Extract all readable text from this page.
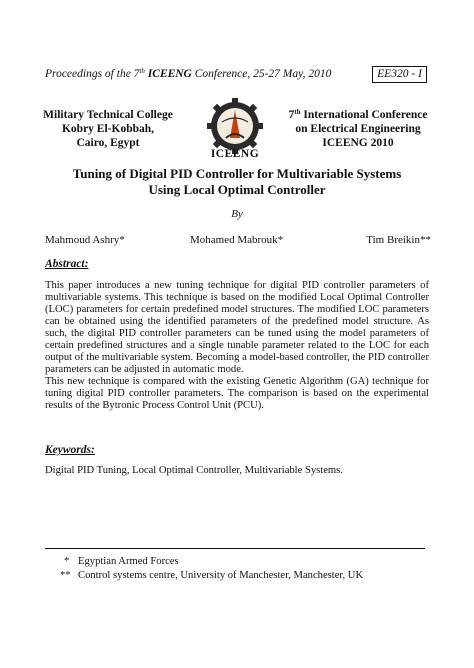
Proceedings of the 7th ICEENG Conference, 25-27 May, 2010	EE320 - I
Military Technical College
Kobry El-Kobbah,
Cairo, Egypt
ICEENG
7th International Conference
on Electrical Engineering
ICEENG 2010
Tuning of Digital PID Controller for Multivariable Systems
Using Local Optimal Controller
By
Mahmoud Ashry*	Mohamed Mabrouk*	Tim Breikin**
Abstract:

This paper introduces a new tuning technique for digital PID controller parameters of multivariable systems. This technique is based on the modified Local Optimal Controller (LOC) parameters for certain predefined model structures. The modified LOC parameters can be obtained using the identified parameters of the predefined model structure. As such, the digital PID controller parameters can be tuned using the model parameters of certain predefined structures and a single tunable parameter related to the LOC for each output of the multivariable system. Becoming a model-based controller, the PID controller parameters can be adjusted in automatic mode.

This new technique is compared with the existing Genetic Algorithm (GA) technique for tuning digital PID controller parameters. The comparison is based on the experimental results of the Bytronic Process Control Unit (PCU).

Keywords:
Digital PID Tuning, Local Optimal Controller, Multivariable Systems.
* Egyptian Armed Forces
** Control systems centre, University of Manchester, Manchester, UK
